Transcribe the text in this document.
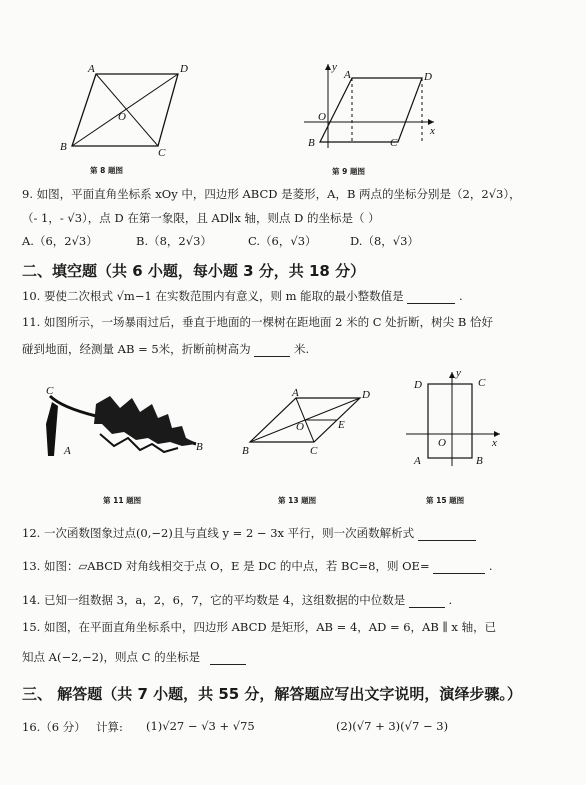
A	D
B	C
O
第 8 题图
y
x
A	D
O
B	C
第 9 题图
9. 如图，平面直角坐标系 xOy 中，四边形 ABCD 是菱形，A，B 两点的坐标分别是（2，2√3），
（- 1，- √3），点 D 在第一象限，且 AD∥x 轴，则点 D 的坐标是（ ）
A.（6，2√3）	B.（8，2√3）	C.（6，√3）	D.（8，√3）
二、填空题（共 6 小题，每小题 3 分，共 18 分）
10. 要使二次根式 √m−1 在实数范围内有意义，则 m 能取的最小整数值是	.
11. 如图所示，一场暴雨过后，垂直于地面的一棵树在距地面 2 米的 C 处折断，树尖 B 恰好
碰到地面，经测量 AB = 5米，折断前树高为	米.
C
A	B
第 11 题图
A	D
B	C
E
O
第 13 题图
y
x
D	C
O
A	B
第 15 题图
12. 一次函数图象过点(0,−2)且与直线 y = 2 − 3x 平行，则一次函数解析式
13. 如图：▱ABCD 对角线相交于点 O，E 是 DC 的中点，若 BC=8，则 OE=	.
14. 已知一组数据 3，a，2，6，7，它的平均数是 4，这组数据的中位数是	.
15. 如图，在平面直角坐标系中，四边形 ABCD 是矩形，AB = 4，AD = 6，AB ∥ x 轴，已
知点 A(−2,−2)，则点 C 的坐标是
三、 解答题（共 7 小题，共 55 分，解答题应写出文字说明，演绎步骤。）
16.（6 分） 计算: (1)√27 − √3 + √75	(2)(√7 + 3)(√7 − 3)
